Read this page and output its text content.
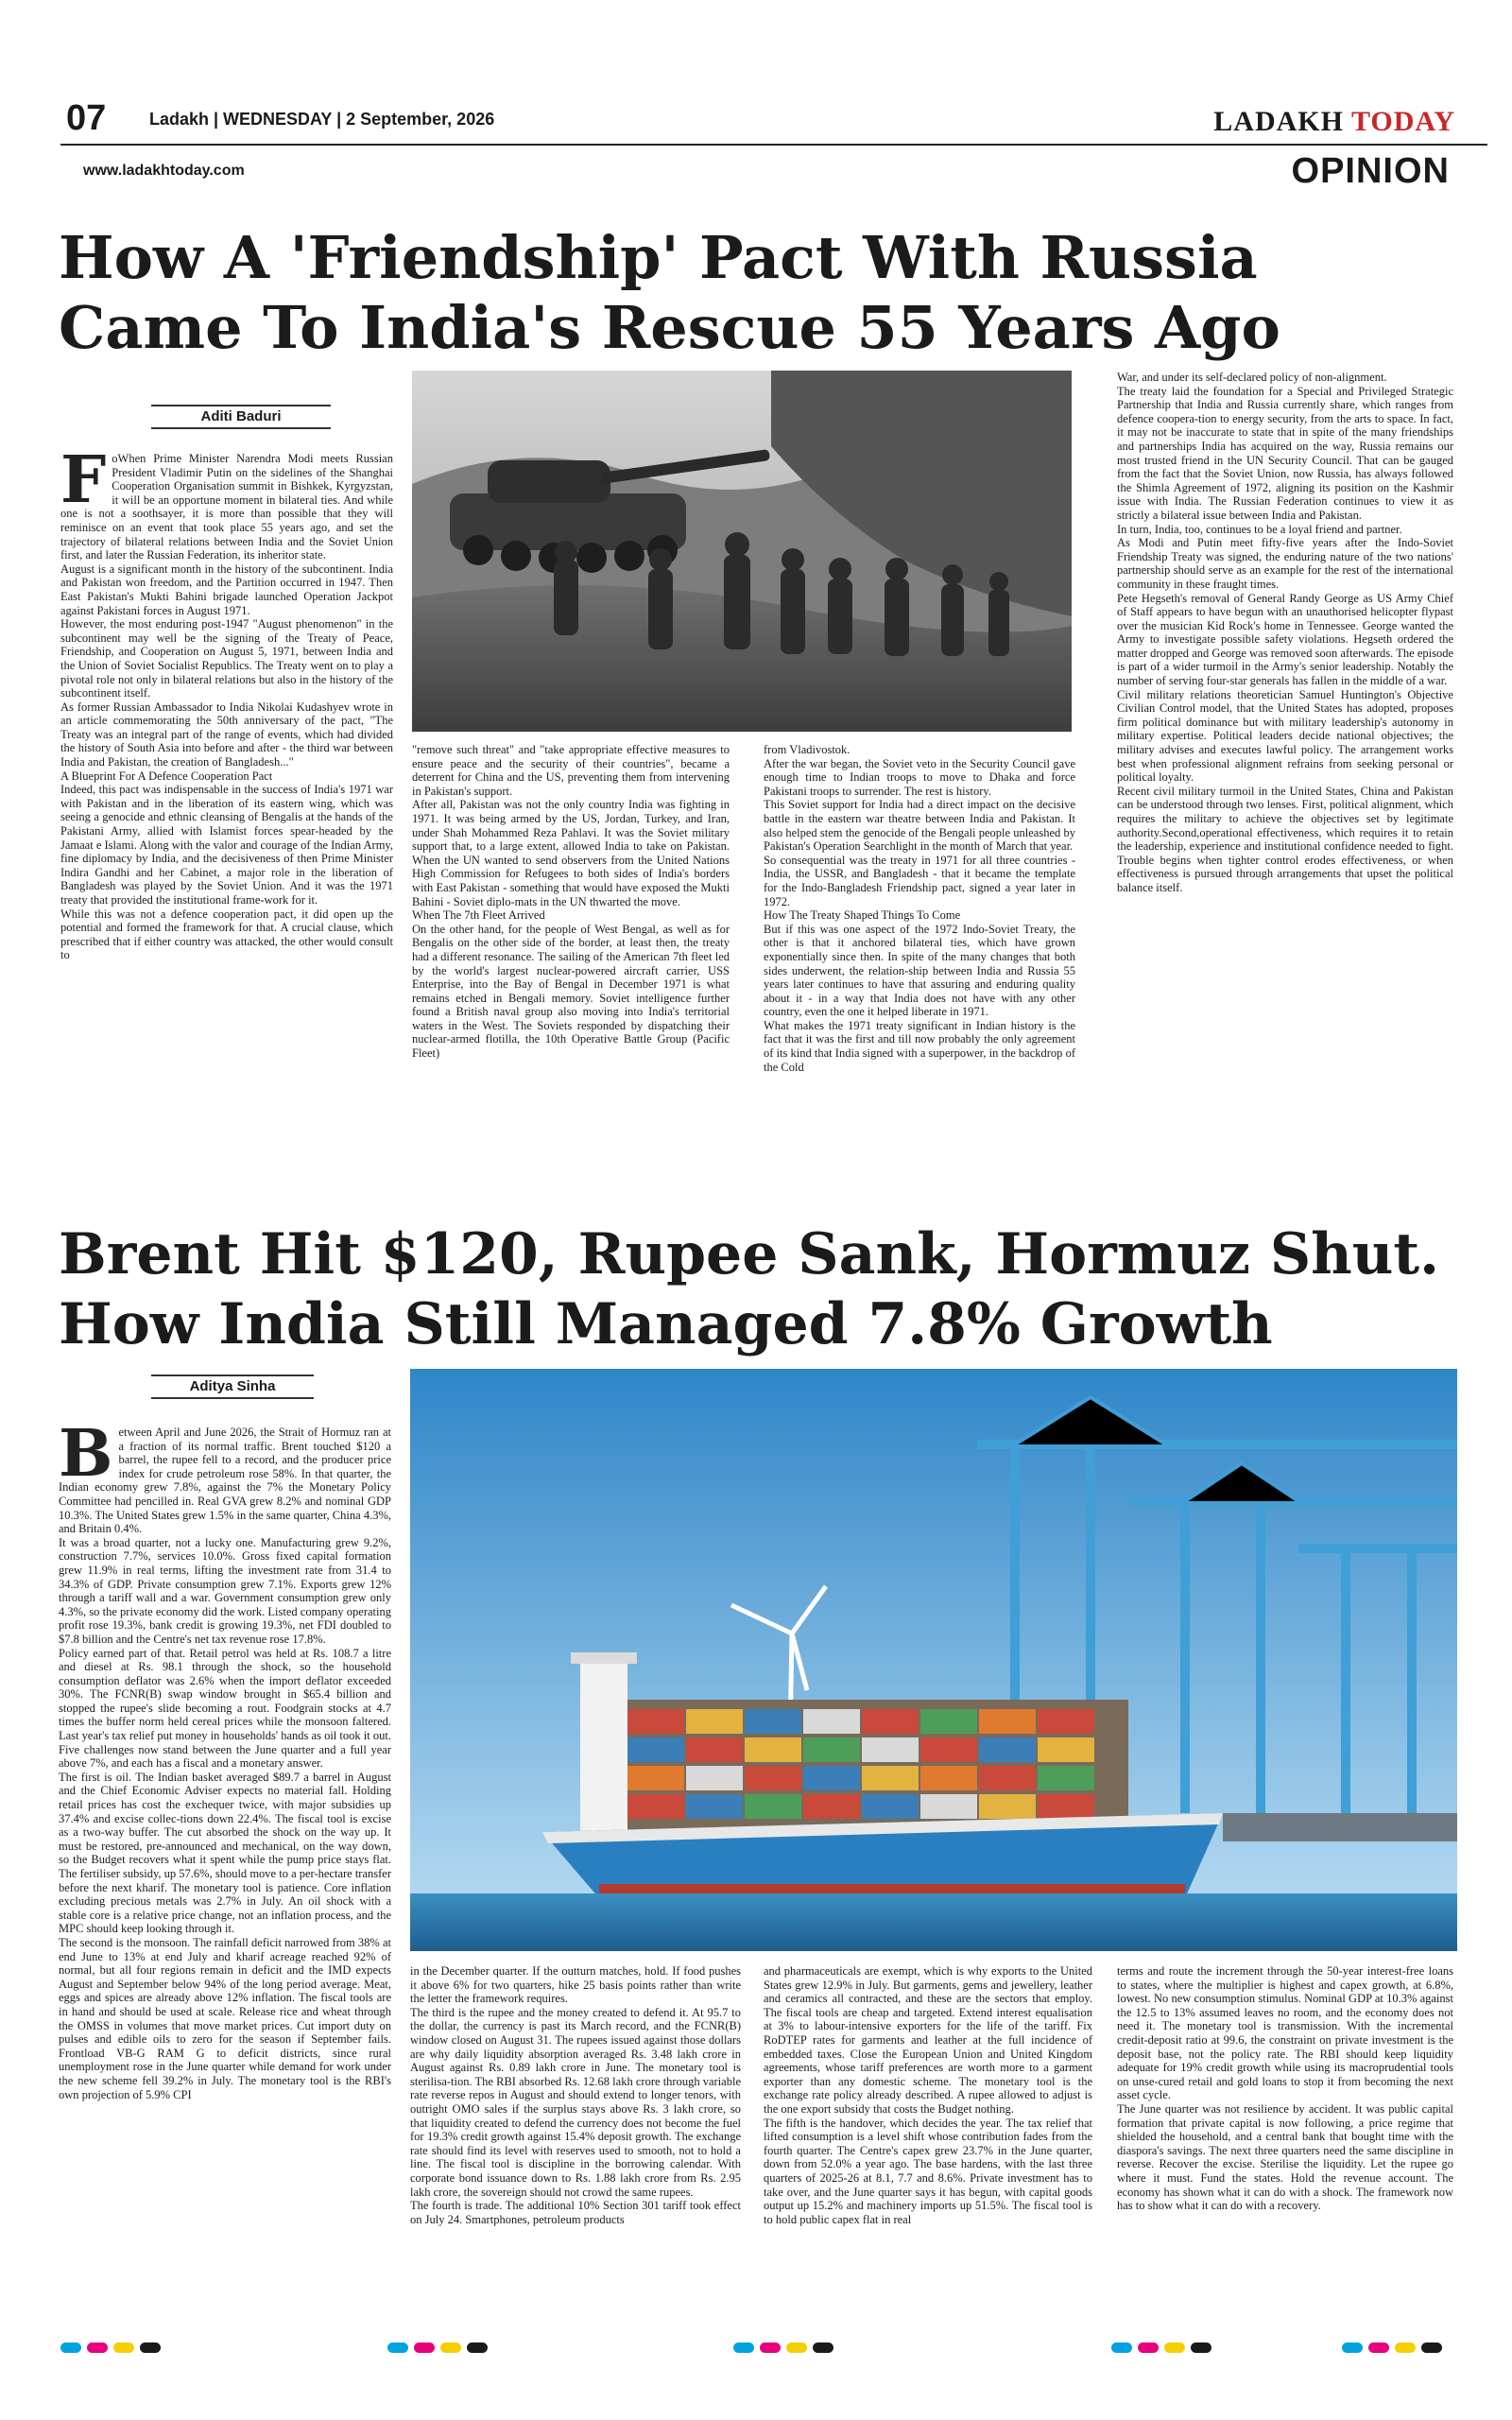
07	Ladakh | WEDNESDAY | 2 September, 2026
www.ladakhtoday.com
LADAKH TODAY
OPINION
How A 'Friendship' Pact With Russia Came To India's Rescue 55 Years Ago
Aditi Baduri
F oWhen Prime Minister Narendra Modi meets Russian President Vladimir Putin on the sidelines of the Shanghai Cooperation Organisation summit in Bishkek, Kyrgyzstan, it will be an opportune moment in bilateral ties. And while one is not a soothsayer, it is more than possible that they will reminisce on an event that took place 55 years ago, and set the trajectory of bilateral relations between India and the Soviet Union first, and later the Russian Federation, its inheritor state.

August is a significant month in the history of the subcontinent. India and Pakistan won freedom, and the Partition occurred in 1947. Then East Pakistan's Mukti Bahini brigade launched Operation Jackpot against Pakistani forces in August 1971.

However, the most enduring post-1947 "August phenomenon" in the subcontinent may well be the signing of the Treaty of Peace, Friendship, and Cooperation on August 5, 1971, between India and the Union of Soviet Socialist Republics. The Treaty went on to play a pivotal role not only in bilateral relations but also in the history of the subcontinent itself.

As former Russian Ambassador to India Nikolai Kudashyev wrote in an article commemorating the 50th anniversary of the pact, "The Treaty was an integral part of the range of events, which had divided the history of South Asia into before and after - the third war between India and Pakistan, the creation of Bangladesh..."

A Blueprint For A Defence Cooperation Pact

Indeed, this pact was indispensable in the success of India's 1971 war with Pakistan and in the liberation of its eastern wing, which was seeing a genocide and ethnic cleansing of Bengalis at the hands of the Pakistani Army, allied with Islamist forces spear-headed by the Jamaat e Islami. Along with the valor and courage of the Indian Army, fine diplomacy by India, and the decisiveness of then Prime Minister Indira Gandhi and her Cabinet, a major role in the liberation of Bangladesh was played by the Soviet Union. And it was the 1971 treaty that provided the institutional frame-work for it.

While this was not a defence cooperation pact, it did open up the potential and formed the framework for that. A crucial clause, which prescribed that if either country was attacked, the other would consult to

"remove such threat" and "take appropriate effective measures to ensure peace and the security of their countries", became a deterrent for China and the US, preventing them from intervening in Pakistan's support.

After all, Pakistan was not the only country India was fighting in 1971. It was being armed by the US, Jordan, Turkey, and Iran, under Shah Mohammed Reza Pahlavi. It was the Soviet military support that, to a large extent, allowed India to take on Pakistan. When the UN wanted to send observers from the United Nations High Commission for Refugees to both sides of India's borders with East Pakistan - something that would have exposed the Mukti Bahini - Soviet diplo-mats in the UN thwarted the move.

When The 7th Fleet Arrived

On the other hand, for the people of West Bengal, as well as for Bengalis on the other side of the border, at least then, the treaty had a different resonance. The sailing of the American 7th fleet led by the world's largest nuclear-powered aircraft carrier, USS Enterprise, into the Bay of Bengal in December 1971 is what remains etched in Bengali memory. Soviet intelligence further found a British naval group also moving into India's territorial waters in the West. The Soviets responded by dispatching their nuclear-armed flotilla, the 10th Operative Battle Group (Pacific Fleet)

from Vladivostok.

After the war began, the Soviet veto in the Security Council gave enough time to Indian troops to move to Dhaka and force Pakistani troops to surrender. The rest is history.

This Soviet support for India had a direct impact on the decisive battle in the eastern war theatre between India and Pakistan. It also helped stem the genocide of the Bengali people unleashed by Pakistan's Operation Searchlight in the month of March that year.

So consequential was the treaty in 1971 for all three countries - India, the USSR, and Bangladesh - that it became the template for the Indo-Bangladesh Friendship pact, signed a year later in 1972.

How The Treaty Shaped Things To Come

But if this was one aspect of the 1972 Indo-Soviet Treaty, the other is that it anchored bilateral ties, which have grown exponentially since then. In spite of the many changes that both sides underwent, the relation-ship between India and Russia 55 years later continues to have that assuring and enduring quality about it - in a way that India does not have with any other country, even the one it helped liberate in 1971.

What makes the 1971 treaty significant in Indian history is the fact that it was the first and till now probably the only agreement of its kind that India signed with a superpower, in the backdrop of the Cold

War, and under its self-declared policy of non-alignment.

The treaty laid the foundation for a Special and Privileged Strategic Partnership that India and Russia currently share, which ranges from defence coopera-tion to energy security, from the arts to space. In fact, it may not be inaccurate to state that in spite of the many friendships and partnerships India has acquired on the way, Russia remains our most trusted friend in the UN Security Council. That can be gauged from the fact that the Soviet Union, now Russia, has always followed the Shimla Agreement of 1972, aligning its position on the Kashmir issue with India. The Russian Federation continues to view it as strictly a bilateral issue between India and Pakistan.

In turn, India, too, continues to be a loyal friend and partner.

As Modi and Putin meet fifty-five years after the Indo-Soviet Friendship Treaty was signed, the enduring nature of the two nations' partnership should serve as an example for the rest of the international community in these fraught times.

Pete Hegseth's removal of General Randy George as US Army Chief of Staff appears to have begun with an unauthorised helicopter flypast over the musician Kid Rock's home in Tennessee. George wanted the Army to investigate possible safety violations. Hegseth ordered the matter dropped and George was removed soon afterwards. The episode is part of a wider turmoil in the Army's senior leadership. Notably the number of serving four-star generals has fallen in the middle of a war.

Civil military relations theoretician Samuel Huntington's Objective Civilian Control model, that the United States has adopted, proposes firm political dominance but with military leadership's autonomy in military expertise. Political leaders decide national objectives; the military advises and executes lawful policy. The arrangement works best when professional alignment refrains from seeking personal or political loyalty.

Recent civil military turmoil in the United States, China and Pakistan can be understood through two lenses. First, political alignment, which requires the military to achieve the objectives set by legitimate authority.Second,operational effectiveness, which requires it to retain the leadership, experience and institutional confidence needed to fight. Trouble begins when tighter control erodes effectiveness, or when effectiveness is pursued through arrangements that upset the political balance itself.

Brent Hit $120, Rupee Sank, Hormuz Shut. How India Still Managed 7.8% Growth
Aditya Sinha
B etween April and June 2026, the Strait of Hormuz ran at a fraction of its normal traffic. Brent touched $120 a barrel, the rupee fell to a record, and the producer price index for crude petroleum rose 58%. In that quarter, the Indian economy grew 7.8%, against the 7% the Monetary Policy Committee had pencilled in. Real GVA grew 8.2% and nominal GDP 10.3%. The United States grew 1.5% in the same quarter, China 4.3%, and Britain 0.4%.

It was a broad quarter, not a lucky one. Manufacturing grew 9.2%, construction 7.7%, services 10.0%. Gross fixed capital formation grew 11.9% in real terms, lifting the investment rate from 31.4 to 34.3% of GDP. Private consumption grew 7.1%. Exports grew 12% through a tariff wall and a war. Government consumption grew only 4.3%, so the private economy did the work. Listed company operating profit rose 19.3%, bank credit is growing 19.3%, net FDI doubled to $7.8 billion and the Centre's net tax revenue rose 17.8%.

Policy earned part of that. Retail petrol was held at Rs. 108.7 a litre and diesel at Rs. 98.1 through the shock, so the household consumption deflator was 2.6% when the import deflator exceeded 30%. The FCNR(B) swap window brought in $65.4 billion and stopped the rupee's slide becoming a rout. Foodgrain stocks at 4.7 times the buffer norm held cereal prices while the monsoon faltered. Last year's tax relief put money in households' hands as oil took it out. Five challenges now stand between the June quarter and a full year above 7%, and each has a fiscal and a monetary answer.

The first is oil. The Indian basket averaged $89.7 a barrel in August and the Chief Economic Adviser expects no material fall. Holding retail prices has cost the exchequer twice, with major subsidies up 37.4% and excise collec-tions down 22.4%. The fiscal tool is excise as a two-way buffer. The cut absorbed the shock on the way up. It must be restored, pre-announced and mechanical, on the way down, so the Budget recovers what it spent while the pump price stays flat. The fertiliser subsidy, up 57.6%, should move to a per-hectare transfer before the next kharif. The monetary tool is patience. Core inflation excluding precious metals was 2.7% in July. An oil shock with a stable core is a relative price change, not an inflation process, and the MPC should keep looking through it.

The second is the monsoon. The rainfall deficit narrowed from 38% at end June to 13% at end July and kharif acreage reached 92% of normal, but all four regions remain in deficit and the IMD expects August and September below 94% of the long period average. Meat, eggs and spices are already above 12% inflation. The fiscal tools are in hand and should be used at scale. Release rice and wheat through the OMSS in volumes that move market prices. Cut import duty on pulses and edible oils to zero for the season if September fails. Frontload VB-G RAM G to deficit districts, since rural unemployment rose in the June quarter while demand for work under the new scheme fell 39.2% in July. The monetary tool is the RBI's own projection of 5.9% CPI

in the December quarter. If the outturn matches, hold. If food pushes it above 6% for two quarters, hike 25 basis points rather than write the letter the framework requires.

The third is the rupee and the money created to defend it. At 95.7 to the dollar, the currency is past its March record, and the FCNR(B) window closed on August 31. The rupees issued against those dollars are why daily liquidity absorption averaged Rs. 3.48 lakh crore in August against Rs. 0.89 lakh crore in June. The monetary tool is sterilisa-tion. The RBI absorbed Rs. 12.68 lakh crore through variable rate reverse repos in August and should extend to longer tenors, with outright OMO sales if the surplus stays above Rs. 3 lakh crore, so that liquidity created to defend the currency does not become the fuel for 19.3% credit growth against 15.4% deposit growth. The exchange rate should find its level with reserves used to smooth, not to hold a line. The fiscal tool is discipline in the borrowing calendar. With corporate bond issuance down to Rs. 1.88 lakh crore from Rs. 2.95 lakh crore, the sovereign should not crowd the same rupees.

The fourth is trade. The additional 10% Section 301 tariff took effect on July 24. Smartphones, petroleum products

and pharmaceuticals are exempt, which is why exports to the United States grew 12.9% in July. But garments, gems and jewellery, leather and ceramics all contracted, and these are the sectors that employ. The fiscal tools are cheap and targeted. Extend interest equalisation at 3% to labour-intensive exporters for the life of the tariff. Fix RoDTEP rates for garments and leather at the full incidence of embedded taxes. Close the European Union and United Kingdom agreements, whose tariff preferences are worth more to a garment exporter than any domestic scheme. The monetary tool is the exchange rate policy already described. A rupee allowed to adjust is the one export subsidy that costs the Budget nothing.

The fifth is the handover, which decides the year. The tax relief that lifted consumption is a level shift whose contribution fades from the fourth quarter. The Centre's capex grew 23.7% in the June quarter, down from 52.0% a year ago. The base hardens, with the last three quarters of 2025-26 at 8.1, 7.7 and 8.6%. Private investment has to take over, and the June quarter says it has begun, with capital goods output up 15.2% and machinery imports up 51.5%. The fiscal tool is to hold public capex flat in real

terms and route the increment through the 50-year interest-free loans to states, where the multiplier is highest and capex growth, at 6.8%, lowest. No new consumption stimulus. Nominal GDP at 10.3% against the 12.5 to 13% assumed leaves no room, and the economy does not need it. The monetary tool is transmission. With the incremental credit-deposit ratio at 99.6, the constraint on private investment is the deposit base, not the policy rate. The RBI should keep liquidity adequate for 19% credit growth while using its macroprudential tools on unse-cured retail and gold loans to stop it from becoming the next asset cycle.

The June quarter was not resilience by accident. It was public capital formation that private capital is now following, a price regime that shielded the household, and a central bank that bought time with the diaspora's savings. The next three quarters need the same discipline in reverse. Recover the excise. Sterilise the liquidity. Let the rupee go where it must. Fund the states. Hold the revenue account. The economy has shown what it can do with a shock. The framework now has to show what it can do with a recovery.
